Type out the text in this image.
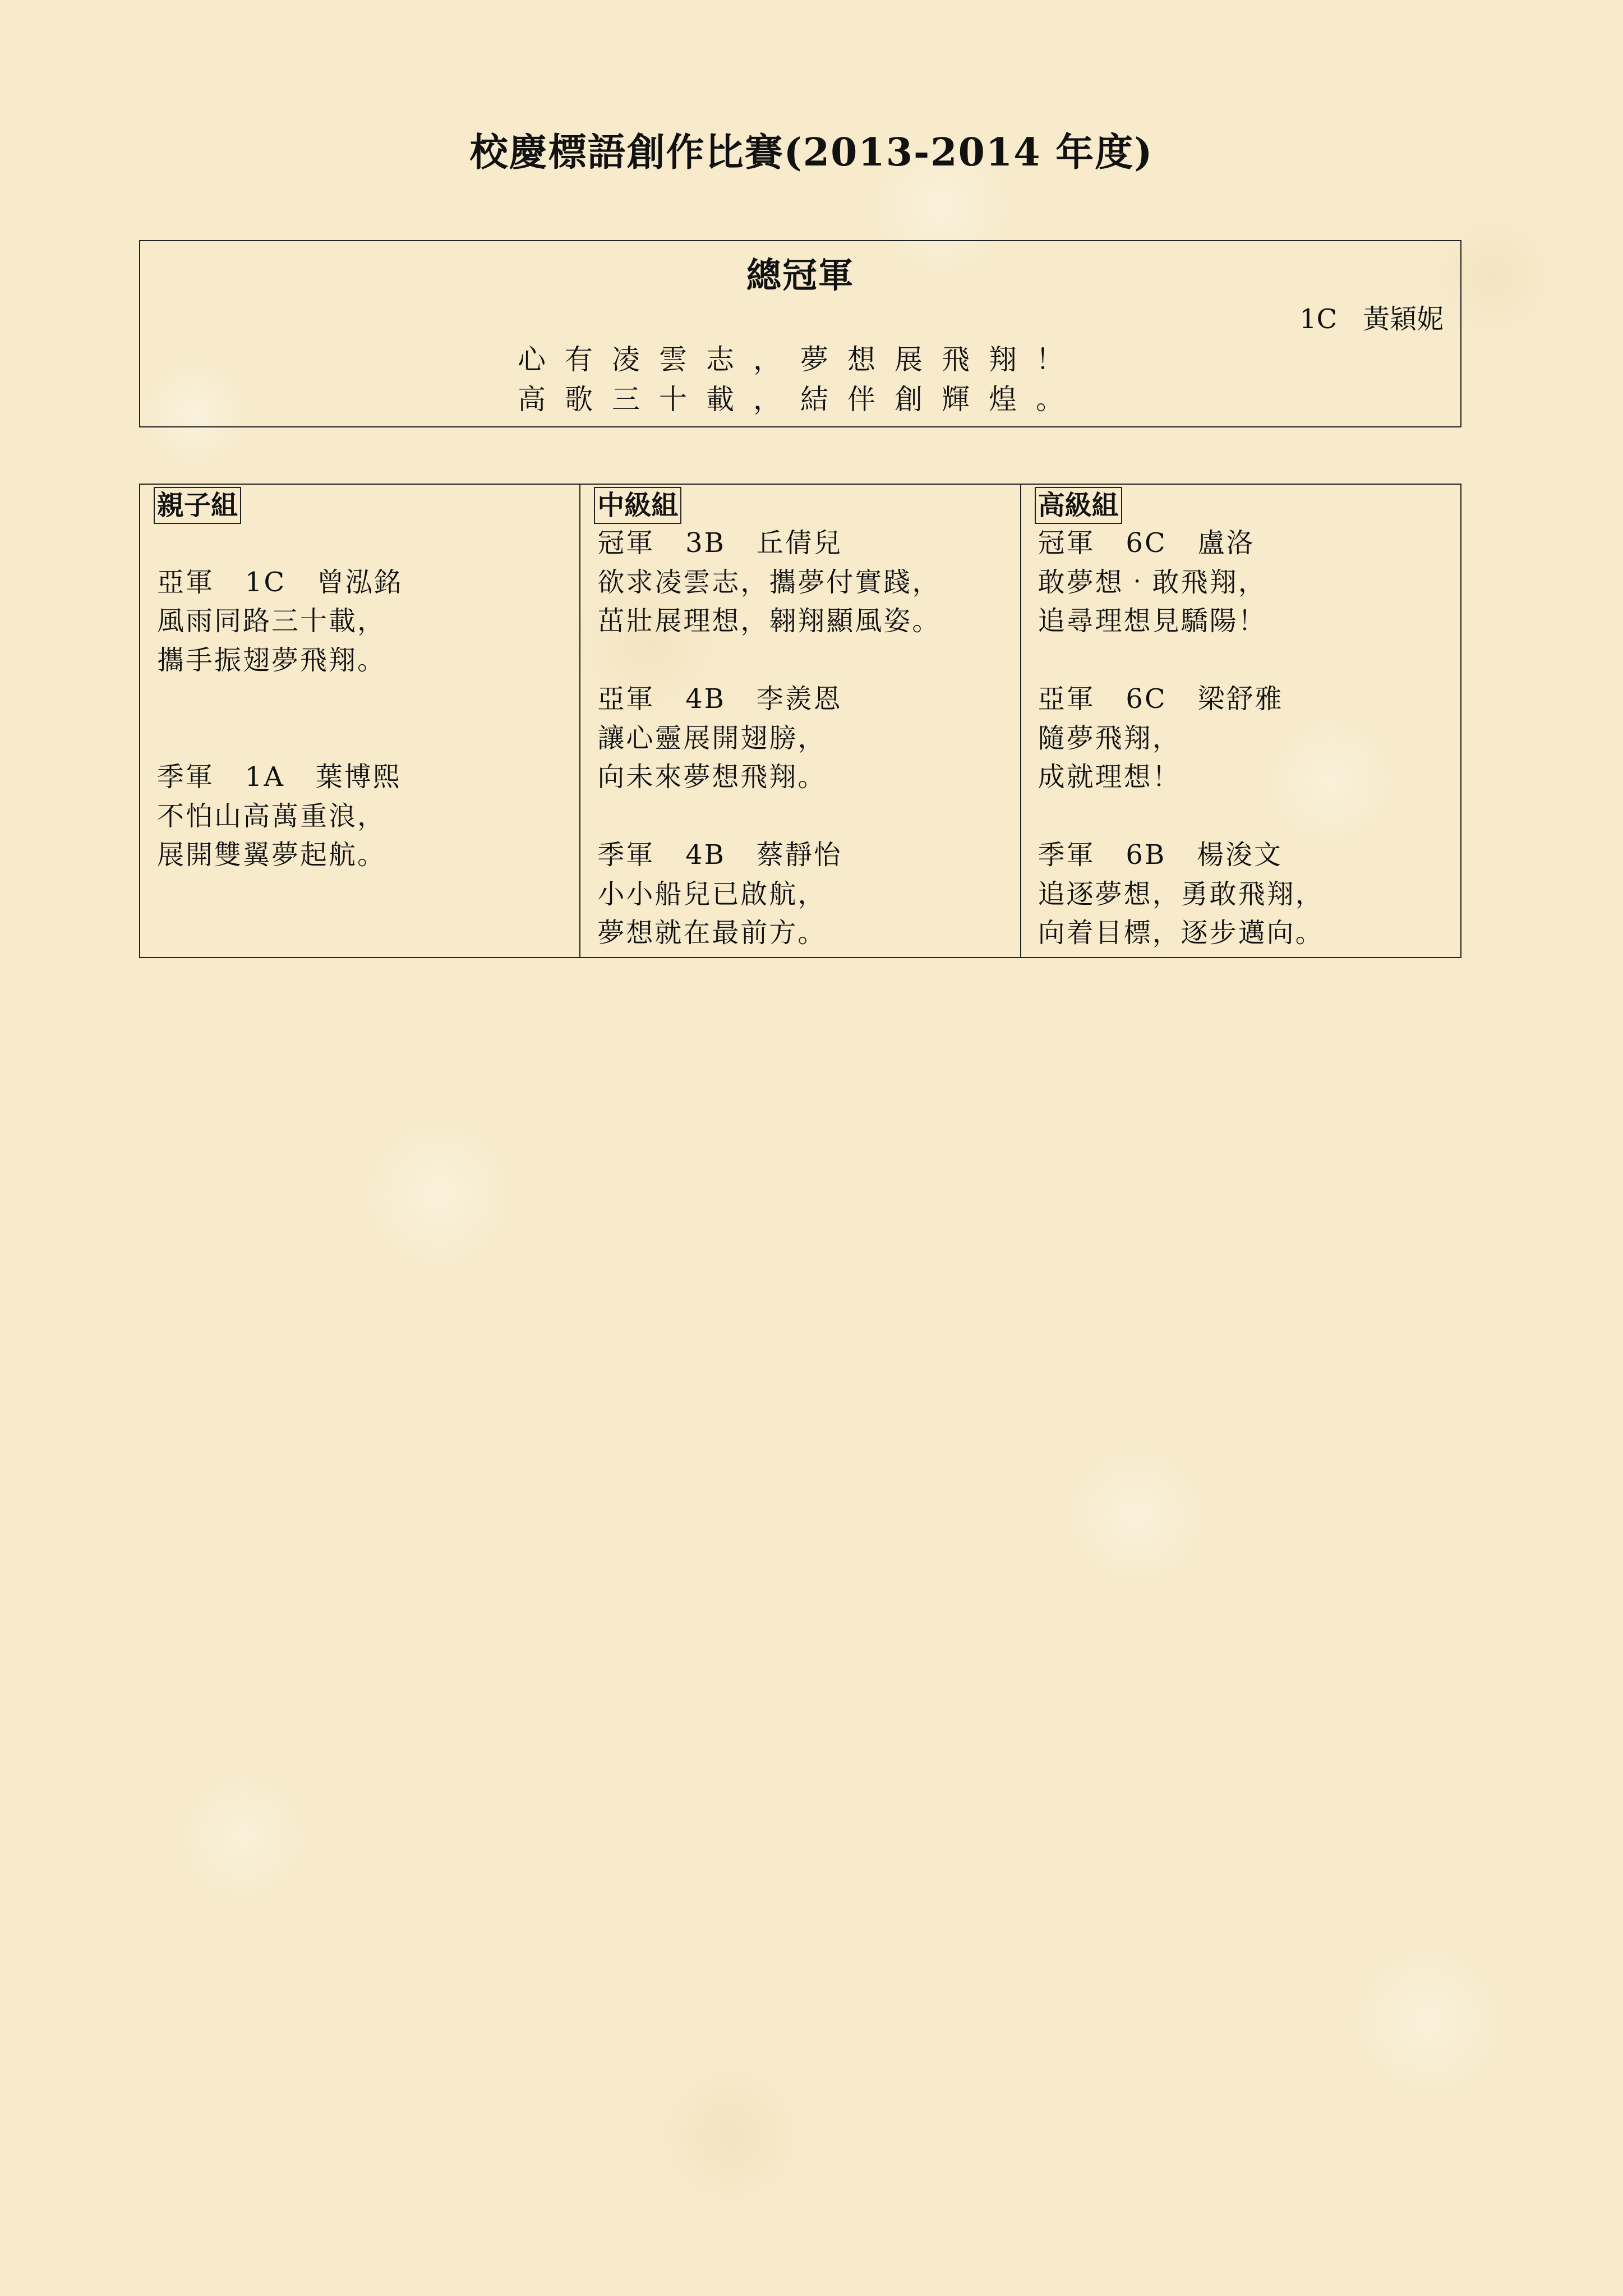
校慶標語創作比賽(2013-2014 年度)
總冠軍
1C   黃穎妮
心有凌雲志，夢想展飛翔！
高歌三十載，結伴創輝煌。
親子組
亞軍   1C   曾泓銘
風雨同路三十載，
攜手振翅夢飛翔。
季軍   1A   葉博熙
不怕山高萬重浪，
展開雙翼夢起航。
中級組
冠軍   3B   丘倩兒
欲求凌雲志，攜夢付實踐，
茁壯展理想，翱翔顯風姿。
亞軍   4B   李羨恩
讓心靈展開翅膀，
向未來夢想飛翔。
季軍   4B   蔡靜怡
小小船兒已啟航，
夢想就在最前方。
高級組
冠軍   6C   盧洛
敢夢想‧敢飛翔，
追尋理想見驕陽！
亞軍   6C   梁舒雅
隨夢飛翔，
成就理想！
季軍   6B   楊浚文
追逐夢想，勇敢飛翔，
向着目標，逐步邁向。
